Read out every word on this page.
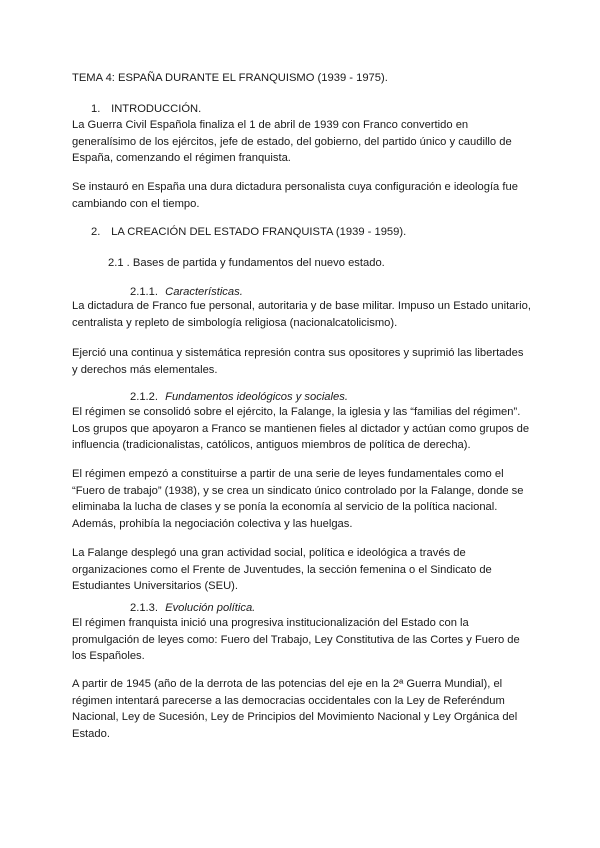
TEMA 4: ESPAÑA DURANTE EL FRANQUISMO (1939 - 1975).
1. INTRODUCCIÓN.

La Guerra Civil Española finaliza el 1 de abril de 1939 con Franco convertido en

generalísimo de los ejércitos, jefe de estado, del gobierno, del partido único y caudillo de

España, comenzando el régimen franquista.

Se instauró en España una dura dictadura personalista cuya configuración e ideología fue

cambiando con el tiempo.

2. LA CREACIÓN DEL ESTADO FRANQUISTA (1939 - 1959).
2.1 . Bases de partida y fundamentos del nuevo estado.
2.1.1. Características.

La dictadura de Franco fue personal, autoritaria y de base militar. Impuso un Estado unitario,

centralista y repleto de simbología religiosa (nacionalcatolicismo).

Ejerció una continua y sistemática represión contra sus opositores y suprimió las libertades

y derechos más elementales.

2.1.2. Fundamentos ideológicos y sociales.

El régimen se consolidó sobre el ejército, la Falange, la iglesia y las “familias del régimen”.

Los grupos que apoyaron a Franco se mantienen fieles al dictador y actúan como grupos de

influencia (tradicionalistas, católicos, antiguos miembros de política de derecha).

El régimen empezó a constituirse a partir de una serie de leyes fundamentales como el

“Fuero de trabajo” (1938), y se crea un sindicato único controlado por la Falange, donde se

eliminaba la lucha de clases y se ponía la economía al servicio de la política nacional.

Además, prohibía la negociación colectiva y las huelgas.

La Falange desplegó una gran actividad social, política e ideológica a través de

organizaciones como el Frente de Juventudes, la sección femenina o el Sindicato de

Estudiantes Universitarios (SEU).

2.1.3. Evolución política.

El régimen franquista inició una progresiva institucionalización del Estado con la

promulgación de leyes como: Fuero del Trabajo, Ley Constitutiva de las Cortes y Fuero de

los Españoles.

A partir de 1945 (año de la derrota de las potencias del eje en la 2ª Guerra Mundial), el

régimen intentará parecerse a las democracias occidentales con la Ley de Referéndum

Nacional, Ley de Sucesión, Ley de Principios del Movimiento Nacional y Ley Orgánica del

Estado.
